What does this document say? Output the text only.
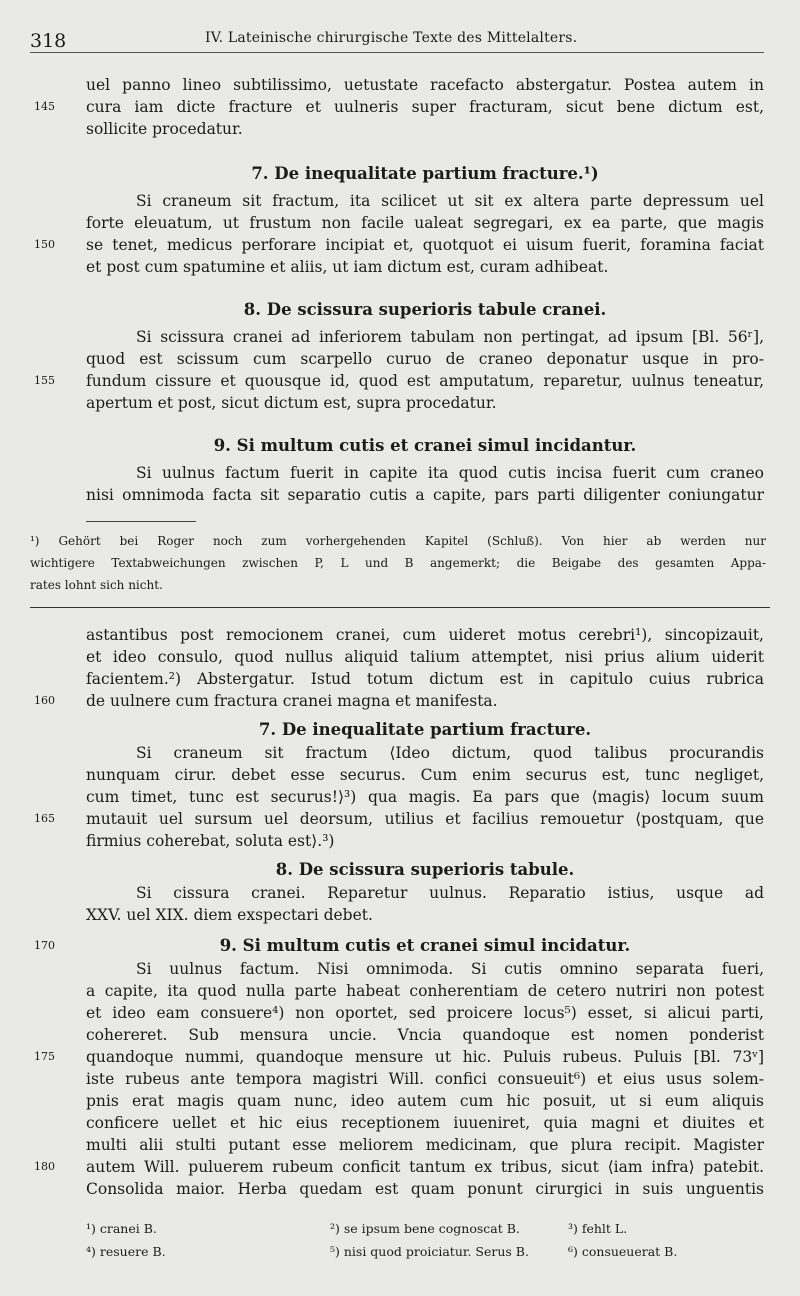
318	IV. Lateinische chirurgische Texte des Mittelalters.
uel panno lineo subtilissimo, uetustate racefacto abstergatur. Postea autem in
cura iam dicte fracture et uulneris super fracturam, sicut bene dictum est,
145
sollicite procedatur.
7. De inequalitate partium fracture.¹)
Si craneum sit fractum, ita scilicet ut sit ex altera parte depressum uel
forte eleuatum, ut frustum non facile ualeat segregari, ex ea parte, que magis
se tenet, medicus perforare incipiat et, quotquot ei uisum fuerit, foramina faciat
150
et post cum spatumine et aliis, ut iam dictum est, curam adhibeat.
8. De scissura superioris tabule cranei.
Si scissura cranei ad inferiorem tabulam non pertingat, ad ipsum [Bl. 56ʳ],
quod est scissum cum scarpello curuo de craneo deponatur usque in pro-
fundum cissure et quousque id, quod est amputatum, reparetur, uulnus teneatur,
155
apertum et post, sicut dictum est, supra procedatur.
9. Si multum cutis et cranei simul incidantur.
Si uulnus factum fuerit in capite ita quod cutis incisa fuerit cum craneo
nisi omnimoda facta sit separatio cutis a capite, pars parti diligenter coniungatur
¹) Gehört bei Roger noch zum vorhergehenden Kapitel (Schluß). Von hier ab werden nur
wichtigere Textabweichungen zwischen P, L und B angemerkt; die Beigabe des gesamten Appa-
rates lohnt sich nicht.
astantibus post remocionem cranei, cum uideret motus cerebri¹), sincopizauit,
et ideo consulo, quod nullus aliquid talium attemptet, nisi prius alium uiderit
facientem.²) Abstergatur. Istud totum dictum est in capitulo cuius rubrica
de uulnere cum fractura cranei magna et manifesta.
160
7. De inequalitate partium fracture.
Si craneum sit fractum ⟨Ideo dictum, quod talibus procurandis
nunquam cirur. debet esse securus. Cum enim securus est, tunc negliget,
cum timet, tunc est securus!⟩³) qua magis. Ea pars que ⟨magis⟩ locum suum
mutauit uel sursum uel deorsum, utilius et facilius remouetur ⟨postquam, que
165
firmius coherebat, soluta est⟩.³)
8. De scissura superioris tabule.
Si cissura cranei. Reparetur uulnus. Reparatio istius, usque ad
XXV. uel XIX. diem exspectari debet.
9. Si multum cutis et cranei simul incidatur.
170
Si uulnus factum. Nisi omnimoda. Si cutis omnino separata fueri,
a capite, ita quod nulla parte habeat conherentiam de cetero nutriri non potest
et ideo eam consuere⁴) non oportet, sed proicere locus⁵) esset, si alicui parti,
cohereret. Sub mensura uncie. Vncia quandoque est nomen ponderist
quandoque nummi, quandoque mensure ut hic. Puluis rubeus. Puluis [Bl. 73ᵛ]
175
iste rubeus ante tempora magistri Will. confici consueuit⁶) et eius usus solem-
pnis erat magis quam nunc, ideo autem cum hic posuit, ut si eum aliquis
conficere uellet et hic eius receptionem iuueniret, quia magni et diuites et
multi alii stulti putant esse meliorem medicinam, que plura recipit. Magister
autem Will. puluerem rubeum conficit tantum ex tribus, sicut ⟨iam infra⟩ patebit.
180
Consolida maior. Herba quedam est quam ponunt cirurgici in suis unguentis
¹) cranei B.	²) se ipsum bene cognoscat B.	³) fehlt L.
⁴) resuere B.	⁵) nisi quod proiciatur. Serus B.	⁶) consueuerat B.
